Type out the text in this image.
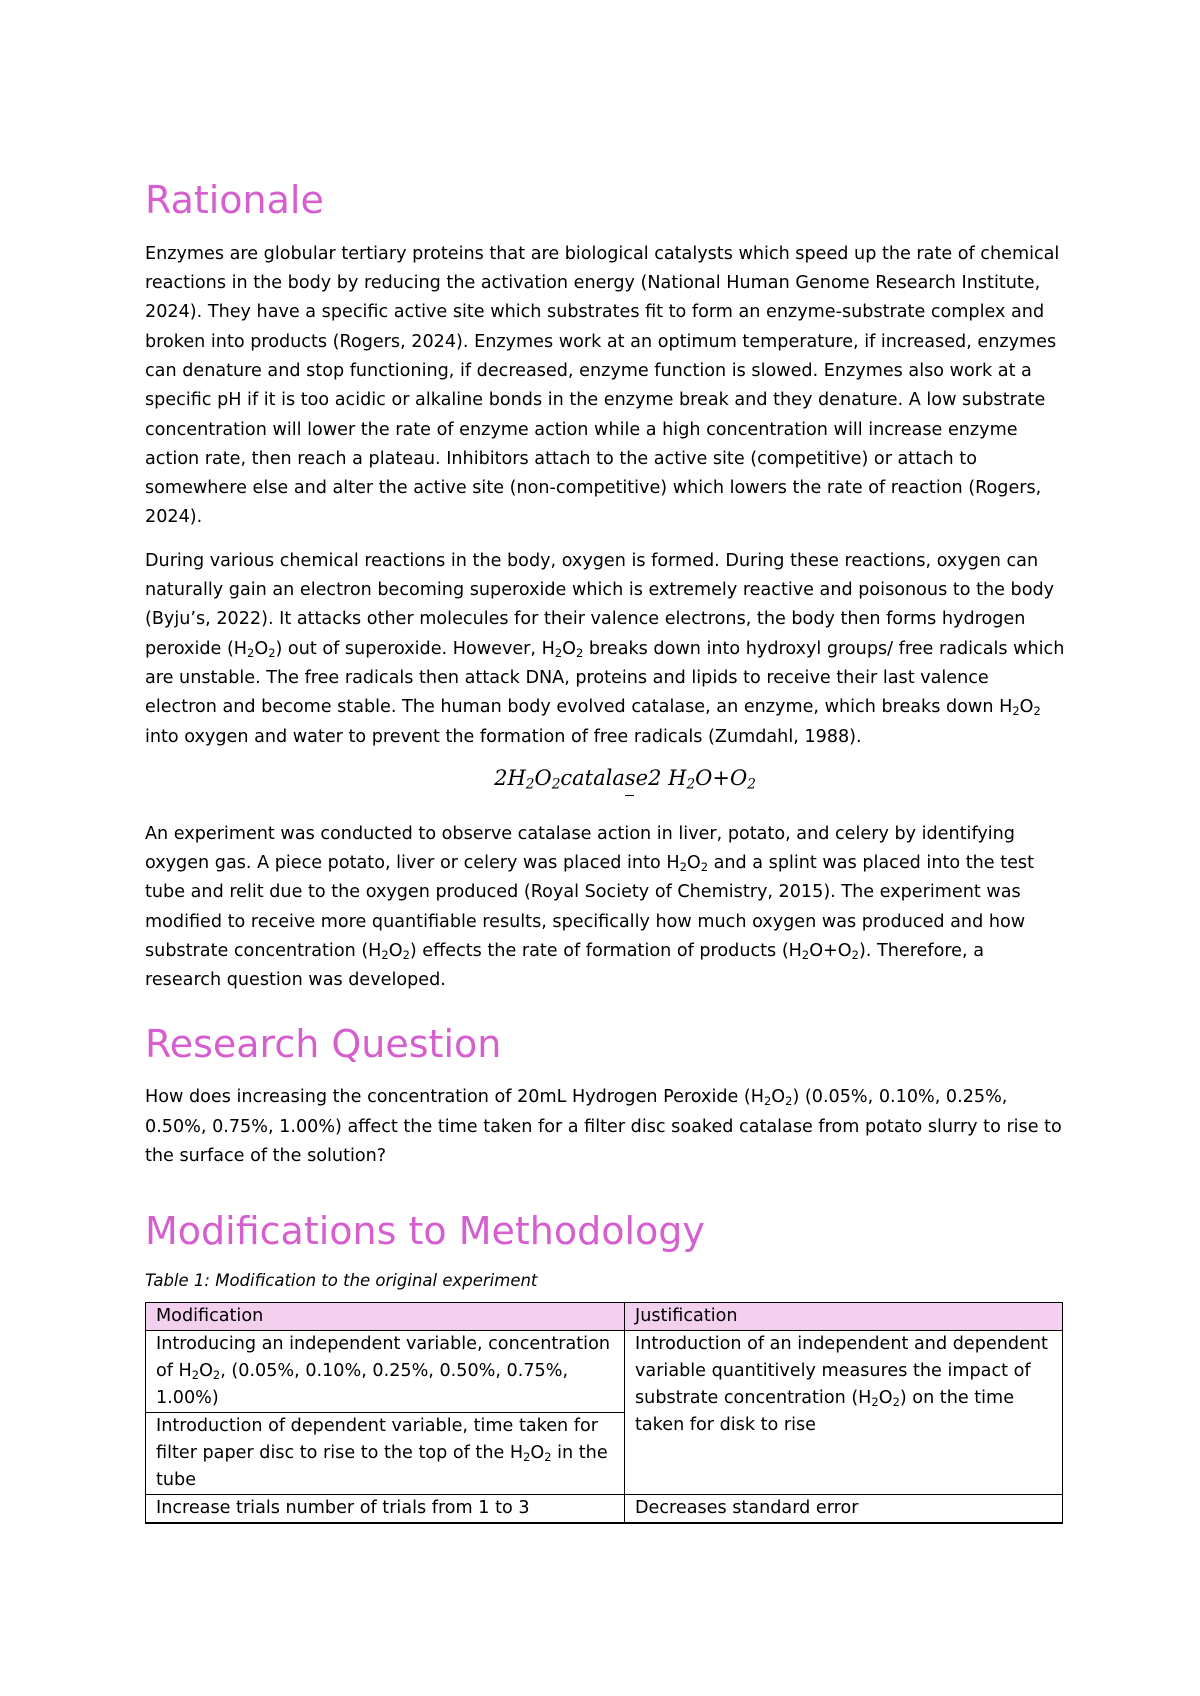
Rationale

Enzymes are globular tertiary proteins that are biological catalysts which speed up the rate of chemical reactions in the body by reducing the activation energy (National Human Genome Research Institute, 2024). They have a specific active site which substrates fit to form an enzyme-substrate complex and broken into products (Rogers, 2024). Enzymes work at an optimum temperature, if increased, enzymes can denature and stop functioning, if decreased, enzyme function is slowed. Enzymes also work at a specific pH if it is too acidic or alkaline bonds in the enzyme break and they denature. A low substrate concentration will lower the rate of enzyme action while a high concentration will increase enzyme action rate, then reach a plateau. Inhibitors attach to the active site (competitive) or attach to somewhere else and alter the active site (non-competitive) which lowers the rate of reaction (Rogers, 2024).

During various chemical reactions in the body, oxygen is formed. During these reactions, oxygen can naturally gain an electron becoming superoxide which is extremely reactive and poisonous to the body (Byju’s, 2022). It attacks other molecules for their valence electrons, the body then forms hydrogen peroxide $(H_2O_2)$ out of superoxide. However, $H_2O_2$ breaks down into hydroxyl groups/ free radicals which are unstable. The free radicals then attack DNA, proteins and lipids to receive their last valence electron and become stable. The human body evolved catalase, an enzyme, which breaks down $H_2O_2$ into oxygen and water to prevent the formation of free radicals (Zumdahl, 1988).

$2H_2O_2catalase2$ $H_2O+O_2$

An experiment was conducted to observe catalase action in liver, potato, and celery by identifying oxygen gas. A piece potato, liver or celery was placed into $H_2O_2$ and a splint was placed into the test tube and relit due to the oxygen produced (Royal Society of Chemistry, 2015). The experiment was modified to receive more quantifiable results, specifically how much oxygen was produced and how substrate concentration $(H_2O_2)$ effects the rate of formation of products $(H_2O+O_2)$. Therefore, a research question was developed.

Research Question

How does increasing the concentration of 20mL Hydrogen Peroxide $(H_2O_2)$ (0.05%, 0.10%, 0.25%, 0.50%, 0.75%, 1.00%) affect the time taken for a filter disc soaked catalase from potato slurry to rise to the surface of the solution?

Modifications to Methodology

Table 1: Modification to the original experiment

Modification	Justification
Introducing an independent variable, concentration of $H_2O_2$, (0.05%, 0.10%, 0.25%, 0.50%, 0.75%, 1.00%)	Introduction of an independent and dependent variable quantitively measures the impact of substrate concentration $(H_2O_2)$ on the time taken for disk to rise
Introduction of dependent variable, time taken for filter paper disc to rise to the top of the $H_2O_2$ in the tube	
Increase trials number of trials from 1 to 3	Decreases standard error
